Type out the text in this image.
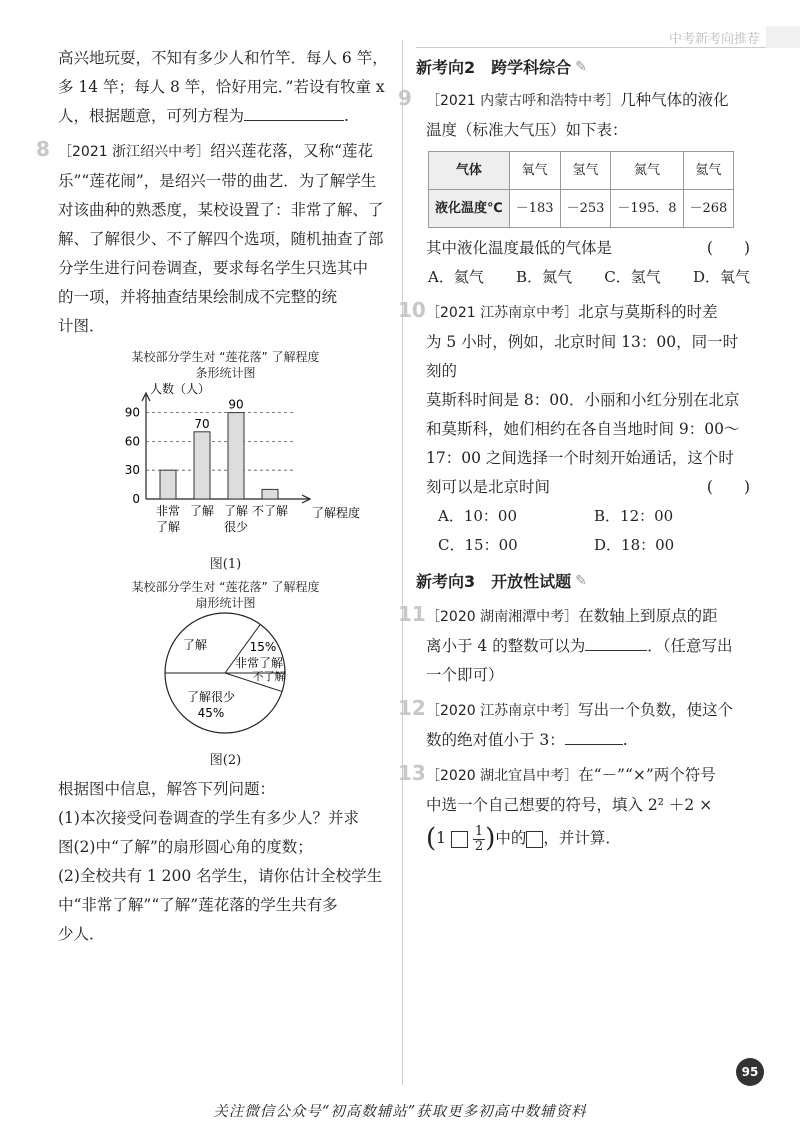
中考新考向推荐
高兴地玩耍，不知有多少人和竹竿．每人 6 竿，
多 14 竿；每人 8 竿，恰好用完．”若设有牧童 x
人，根据题意，可列方程为	.
8 ［2021 浙江绍兴中考］绍兴莲花落，又称“莲花
乐”“莲花闹”，是绍兴一带的曲艺．为了解学生
对该曲种的熟悉度，某校设置了：非常了解、了
解、了解很少、不了解四个选项，随机抽查了部
分学生进行问卷调查，要求每名学生只选其中
的一项，并将抽查结果绘制成不完整的统
计图．
某校部分学生对 “莲花落” 了解程度
条形统计图
人数（人）
了解程度
0
30
60
90
非常
了解
70
了解
90
了解
很少
不了解
图(1)
某校部分学生对 “莲花落” 了解程度
扇形统计图
了解	15%
非常了解
不了解
了解很少
45%
图(2)
根据图中信息，解答下列问题：
(1)本次接受问卷调查的学生有多少人？并求
图(2)中“了解”的扇形圆心角的度数；
(2)全校共有 1 200 名学生，请你估计全校学生
中“非常了解”“了解”莲花落的学生共有多
少人．
新考向2　跨学科综合 ✎
9	［2021 内蒙古呼和浩特中考］几种气体的液化
温度（标准大气压）如下表：
气体	氧气	氢气	氮气	氦气
液化温度℃	－183	－253	－195．8	－268
其中液化温度最低的气体是	(　　)
A．氦气 B．氮气 C．氢气 D．氧气
10 ［2021 江苏南京中考］北京与莫斯科的时差
为 5 小时，例如，北京时间 13：00，同一时刻的
莫斯科时间是 8：00．小丽和小红分别在北京
和莫斯科，她们相约在各自当地时间 9：00～
17：00 之间选择一个时刻开始通话，这个时
刻可以是北京时间	(　　)
A．10：00	B．12：00
C．15：00	D．18：00
新考向3　开放性试题 ✎
11 ［2020 湖南湘潭中考］在数轴上到原点的距
离小于 4 的整数可以为	．（任意写出
一个即可）
12 ［2020 江苏南京中考］写出一个负数，使这个
数的绝对值小于 3：	.
13 ［2020 湖北宜昌中考］在“－”“×”两个符号
中选一个自己想要的符号，填入 2² ＋2 ×
($1 \frac{1}{2}$ )中的 ，并计算．
95
关注微信公众号“初高数辅站”获取更多初高中数辅资料
